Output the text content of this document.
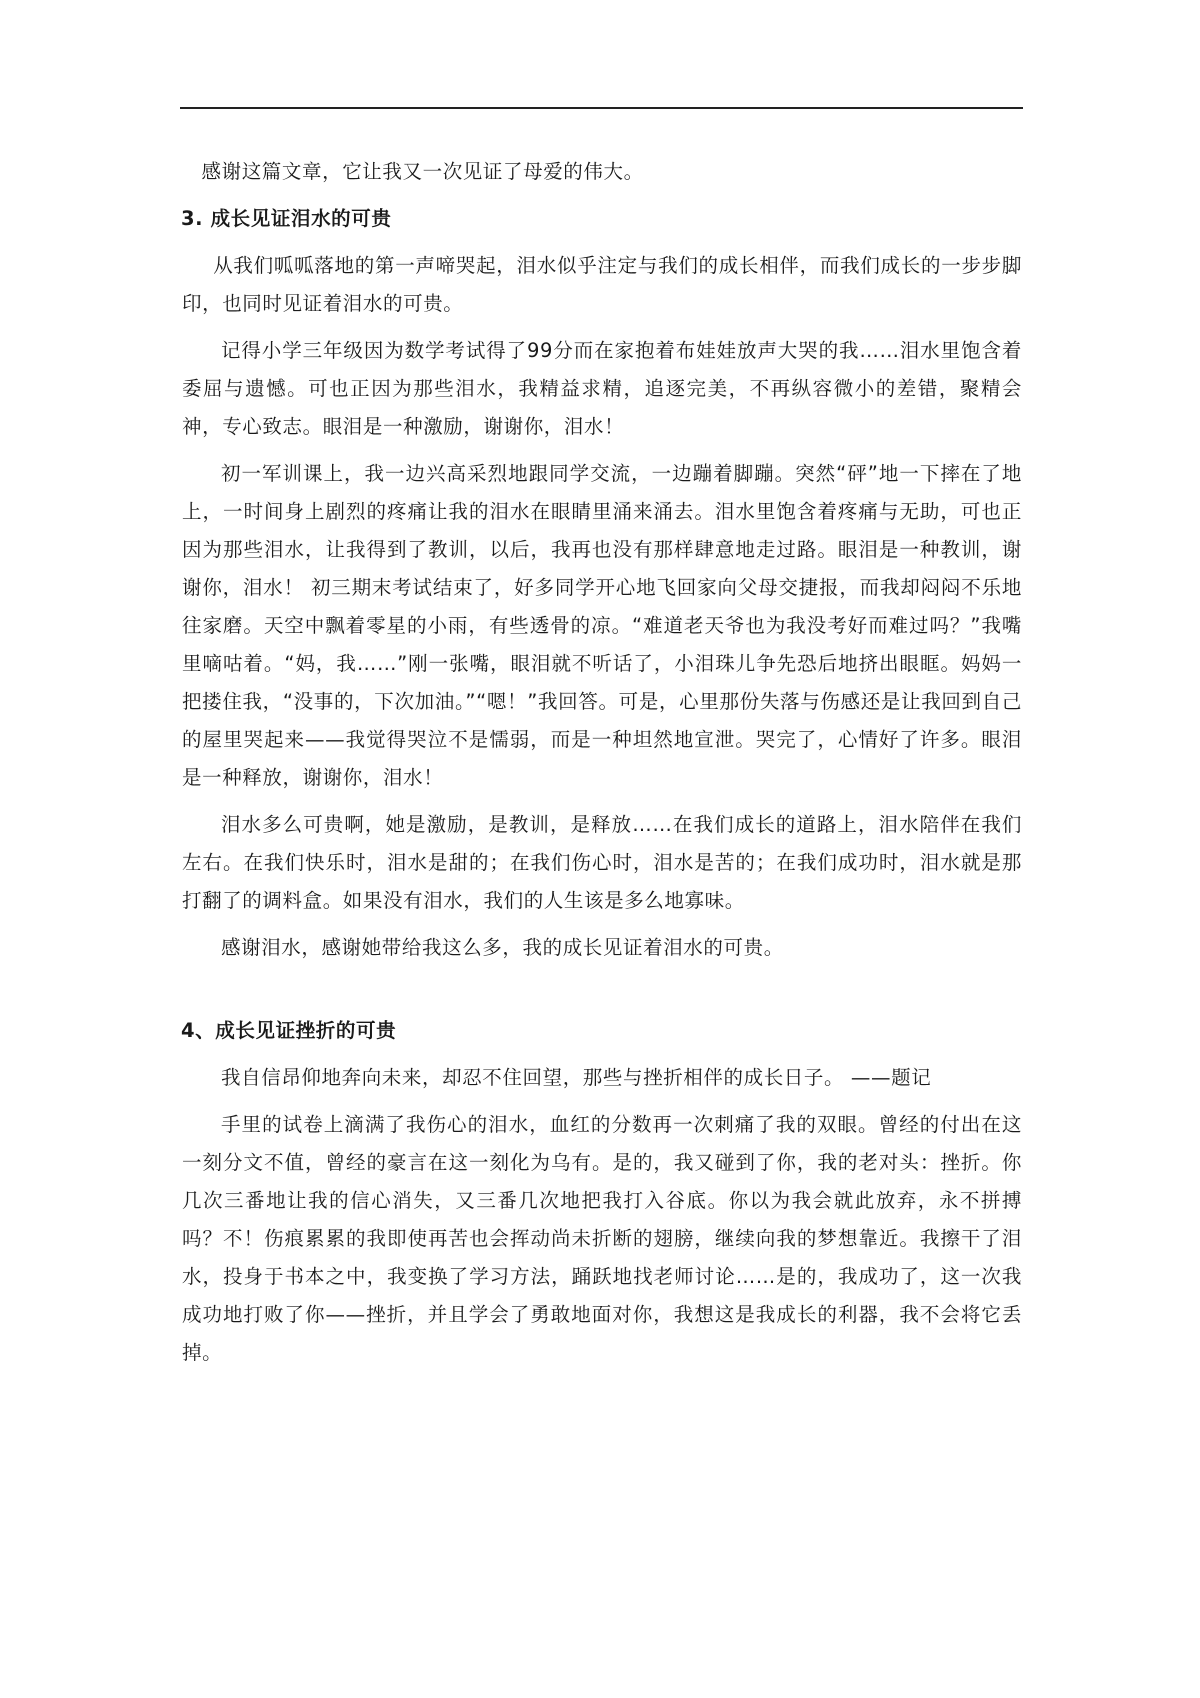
感谢这篇文章，它让我又一次见证了母爱的伟大。

3. 成长见证泪水的可贵

从我们呱呱落地的第一声啼哭起，泪水似乎注定与我们的成长相伴，而我们成长的一步步脚印，也同时见证着泪水的可贵。

记得小学三年级因为数学考试得了99分而在家抱着布娃娃放声大哭的我……泪水里饱含着委屈与遗憾。可也正因为那些泪水，我精益求精，追逐完美，不再纵容微小的差错，聚精会神，专心致志。眼泪是一种激励，谢谢你，泪水！

初一军训课上，我一边兴高采烈地跟同学交流，一边蹦着脚蹦。突然“砰”地一下摔在了地上，一时间身上剧烈的疼痛让我的泪水在眼睛里涌来涌去。泪水里饱含着疼痛与无助，可也正因为那些泪水，让我得到了教训，以后，我再也没有那样肆意地走过路。眼泪是一种教训，谢谢你，泪水！ 初三期末考试结束了，好多同学开心地飞回家向父母交捷报，而我却闷闷不乐地往家磨。天空中飘着零星的小雨，有些透骨的凉。“难道老天爷也为我没考好而难过吗？”我嘴里嘀咕着。“妈，我……”刚一张嘴，眼泪就不听话了，小泪珠儿争先恐后地挤出眼眶。妈妈一把搂住我，“没事的，下次加油。”“嗯！”我回答。可是，心里那份失落与伤感还是让我回到自己的屋里哭起来——我觉得哭泣不是懦弱，而是一种坦然地宣泄。哭完了，心情好了许多。眼泪是一种释放，谢谢你，泪水！

泪水多么可贵啊，她是激励，是教训，是释放……在我们成长的道路上，泪水陪伴在我们左右。在我们快乐时，泪水是甜的；在我们伤心时，泪水是苦的；在我们成功时，泪水就是那打翻了的调料盒。如果没有泪水，我们的人生该是多么地寡味。

感谢泪水，感谢她带给我这么多，我的成长见证着泪水的可贵。

4、成长见证挫折的可贵

我自信昂仰地奔向未来，却忍不住回望，那些与挫折相伴的成长日子。 ——题记

手里的试卷上滴满了我伤心的泪水，血红的分数再一次刺痛了我的双眼。曾经的付出在这一刻分文不值，曾经的豪言在这一刻化为乌有。是的，我又碰到了你，我的老对头：挫折。你几次三番地让我的信心消失，又三番几次地把我打入谷底。你以为我会就此放弃，永不拼搏吗？不！伤痕累累的我即使再苦也会挥动尚未折断的翅膀，继续向我的梦想靠近。我擦干了泪水，投身于书本之中，我变换了学习方法，踊跃地找老师讨论……是的，我成功了，这一次我成功地打败了你——挫折，并且学会了勇敢地面对你，我想这是我成长的利器，我不会将它丢掉。
